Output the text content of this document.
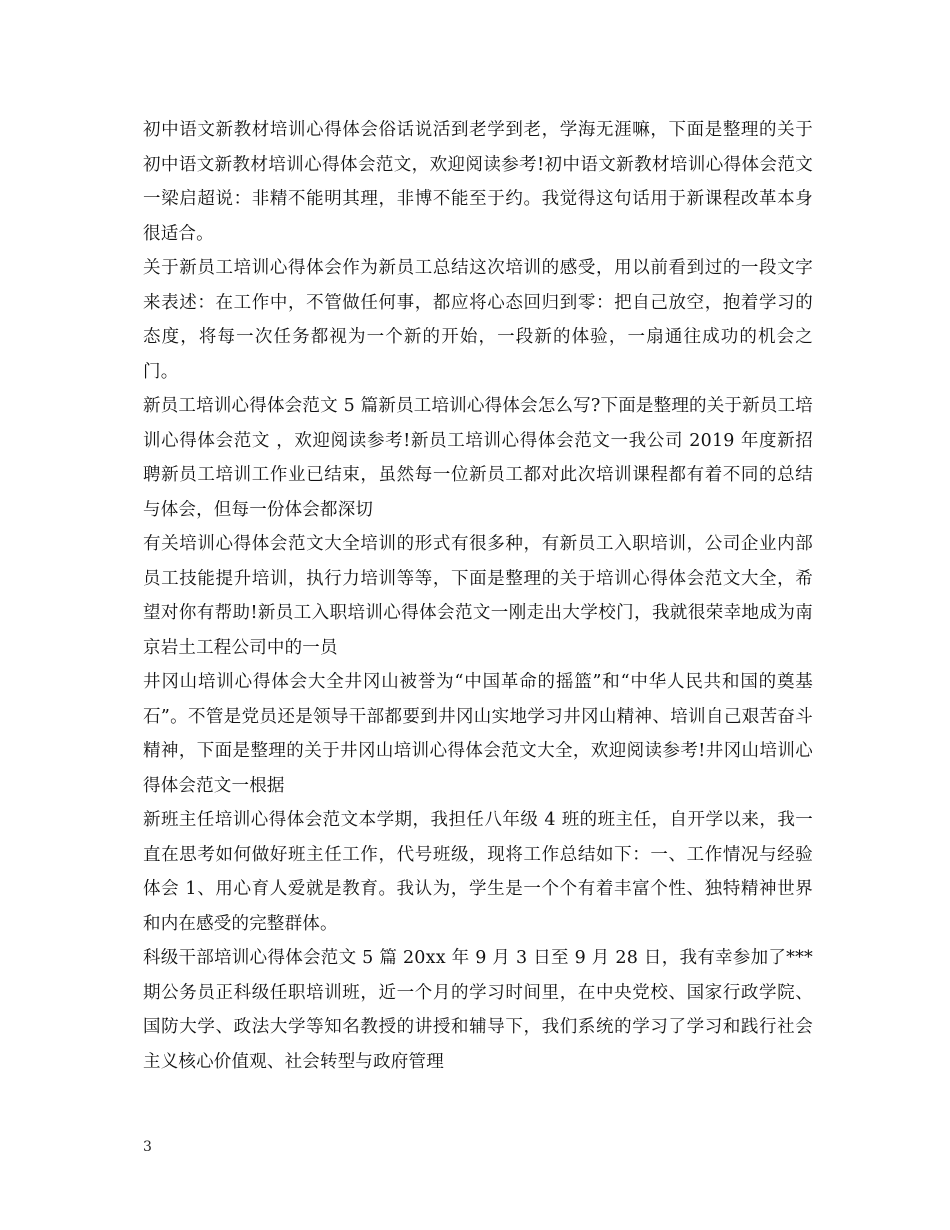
初中语文新教材培训心得体会俗话说活到老学到老，学海无涯嘛，下面是整理的关于初中语文新教材培训心得体会范文，欢迎阅读参考!初中语文新教材培训心得体会范文一梁启超说：非精不能明其理，非博不能至于约。我觉得这句话用于新课程改革本身很适合。

关于新员工培训心得体会作为新员工总结这次培训的感受，用以前看到过的一段文字来表述：在工作中，不管做任何事，都应将心态回归到零：把自己放空，抱着学习的态度，将每一次任务都视为一个新的开始，一段新的体验，一扇通往成功的机会之门。

新员工培训心得体会范文 5 篇新员工培训心得体会怎么写?下面是整理的关于新员工培训心得体会范文 ，欢迎阅读参考!新员工培训心得体会范文一我公司 2019 年度新招聘新员工培训工作业已结束，虽然每一位新员工都对此次培训课程都有着不同的总结与体会，但每一份体会都深切

有关培训心得体会范文大全培训的形式有很多种，有新员工入职培训，公司企业内部员工技能提升培训，执行力培训等等，下面是整理的关于培训心得体会范文大全，希望对你有帮助!新员工入职培训心得体会范文一刚走出大学校门，我就很荣幸地成为南京岩土工程公司中的一员

井冈山培训心得体会大全井冈山被誉为“中国革命的摇篮”和“中华人民共和国的奠基石”。不管是党员还是领导干部都要到井冈山实地学习井冈山精神、培训自己艰苦奋斗精神，下面是整理的关于井冈山培训心得体会范文大全，欢迎阅读参考!井冈山培训心得体会范文一根据

新班主任培训心得体会范文本学期，我担任八年级 4 班的班主任，自开学以来，我一直在思考如何做好班主任工作，代号班级，现将工作总结如下：一、工作情况与经验体会 1、用心育人爱就是教育。我认为，学生是一个个有着丰富个性、独特精神世界和内在感受的完整群体。

科级干部培训心得体会范文 5 篇 20xx 年 9 月 3 日至 9 月 28 日，我有幸参加了***期公务员正科级任职培训班，近一个月的学习时间里，在中央党校、国家行政学院、国防大学、政法大学等知名教授的讲授和辅导下，我们系统的学习了学习和践行社会主义核心价值观、社会转型与政府管理

3
